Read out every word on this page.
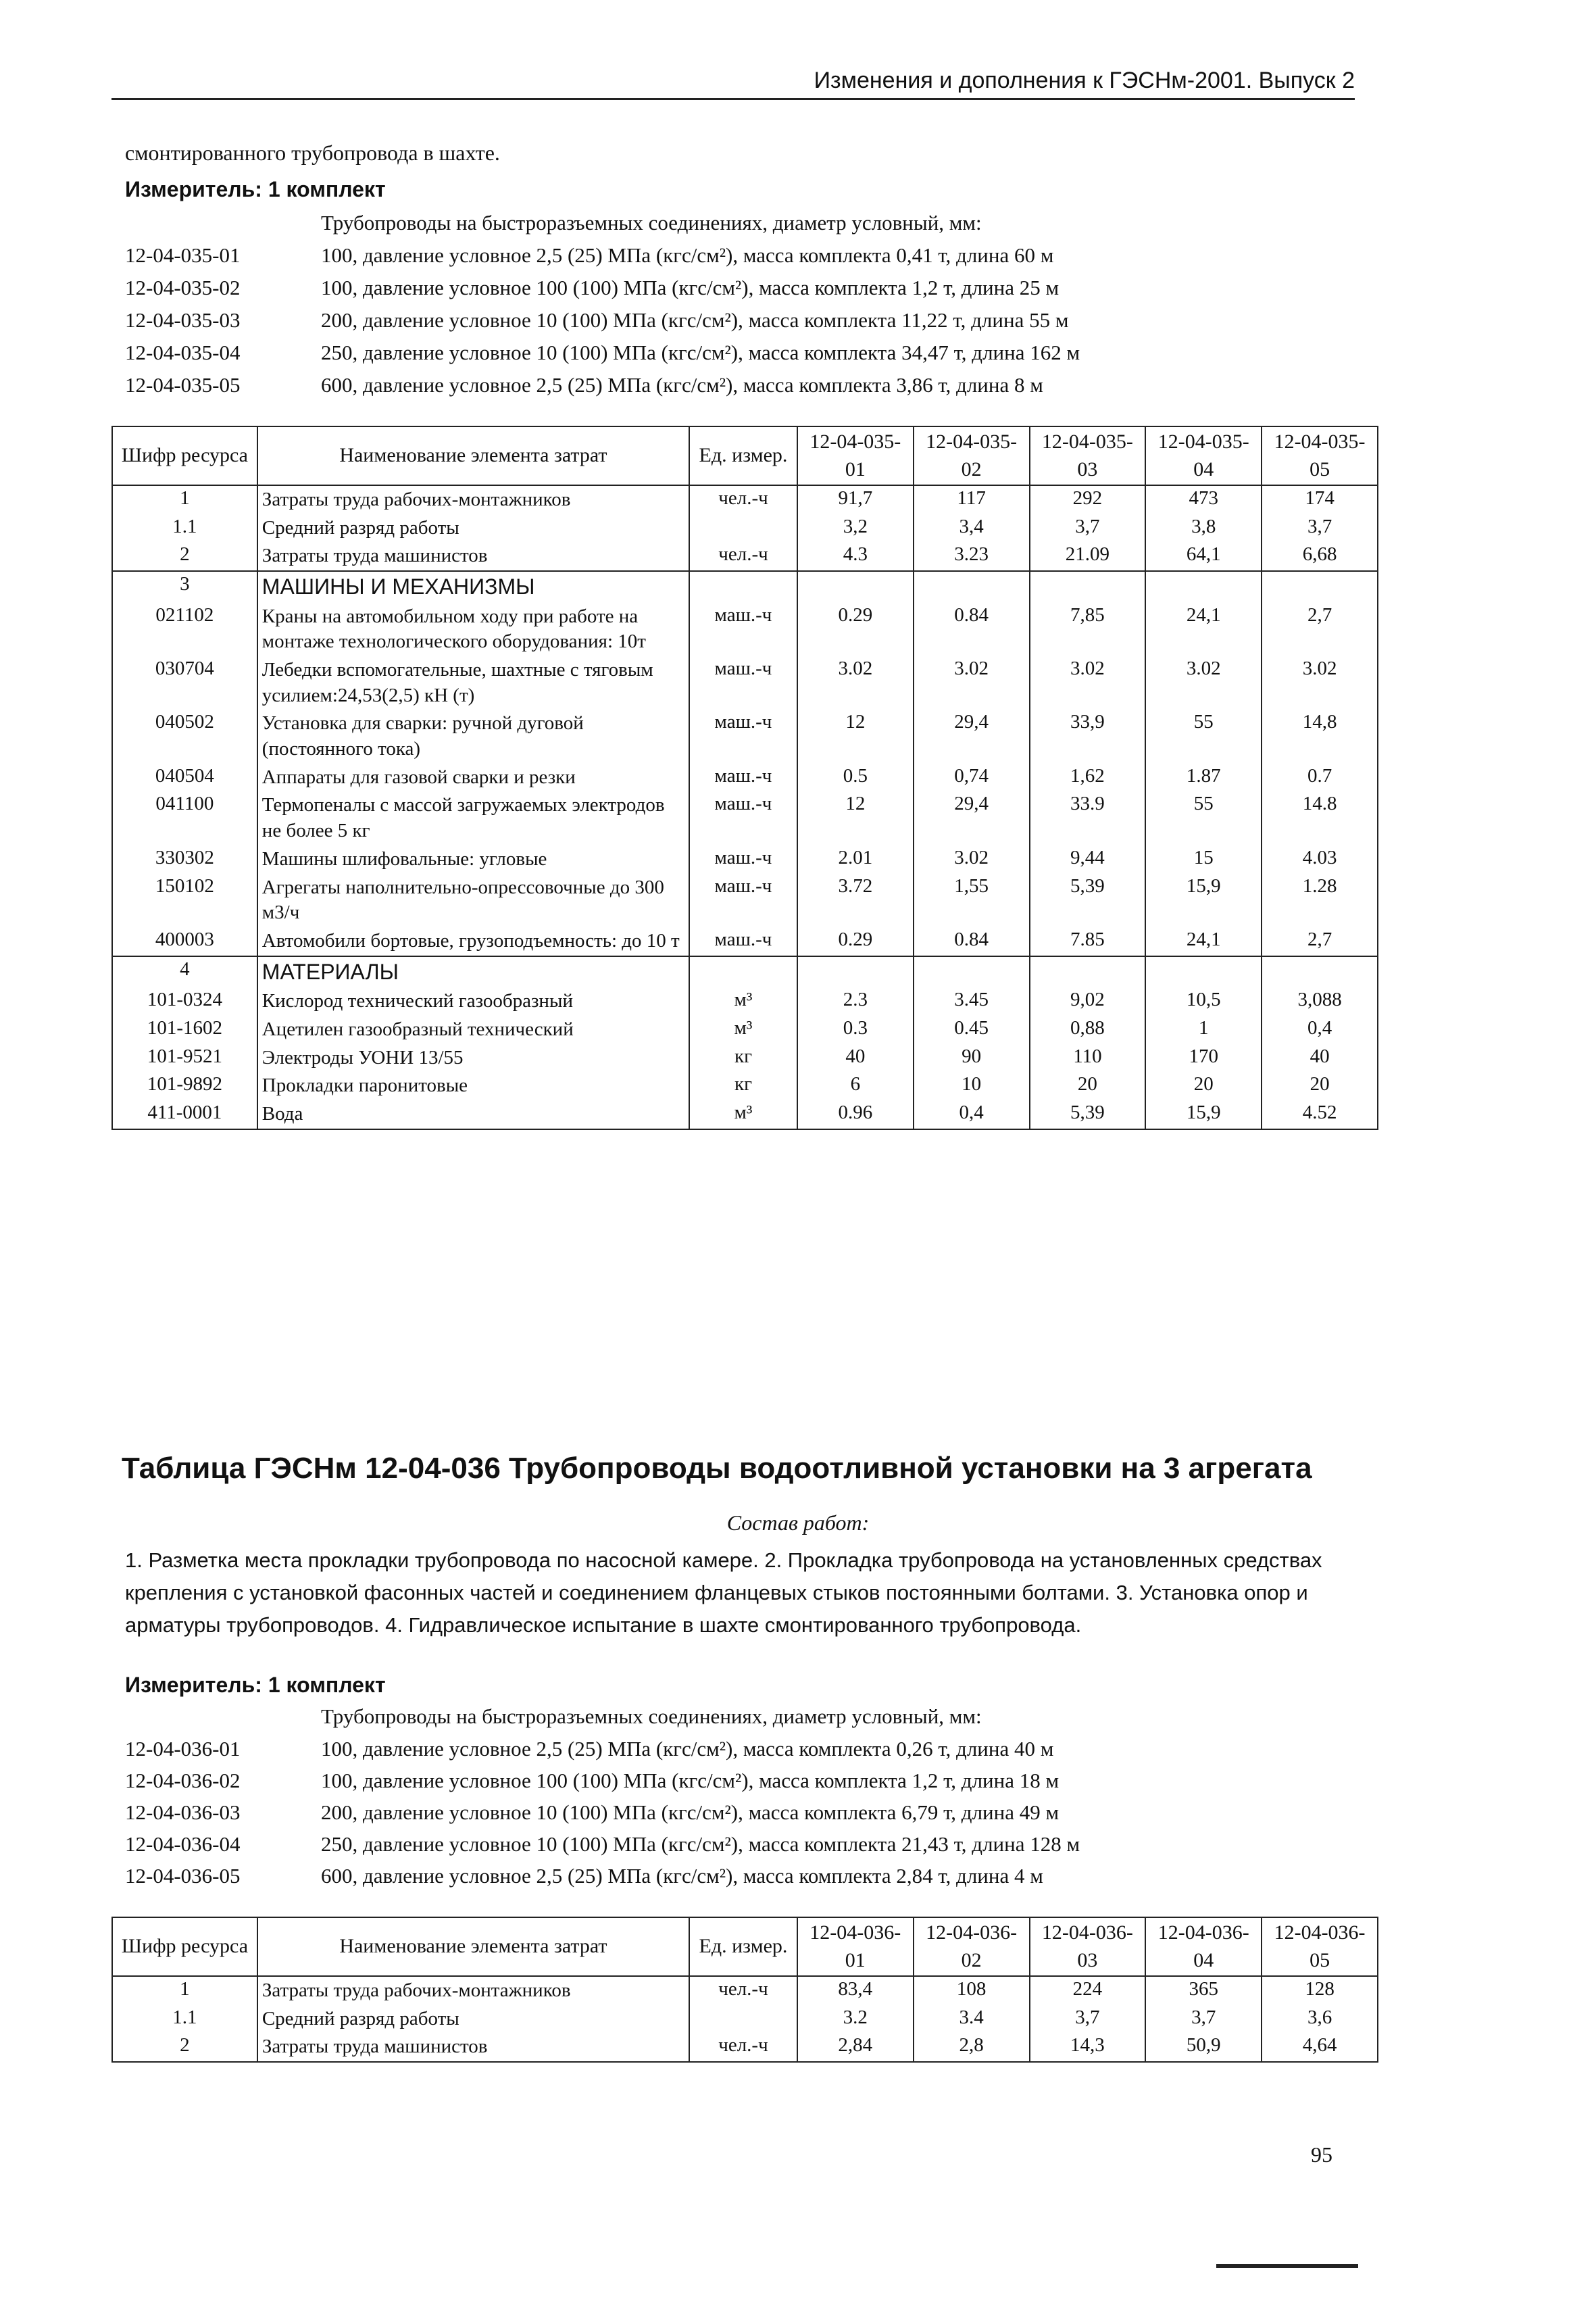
Изменения и дополнения к ГЭСНм-2001. Выпуск 2
смонтированного трубопровода в шахте.
Измеритель: 1 комплект
Трубопроводы на быстроразъемных соединениях, диаметр условный, мм:
12-04-035-01	100, давление условное 2,5 (25) МПа (кгс/см²), масса комплекта 0,41 т, длина 60 м
12-04-035-02	100, давление условное 100 (100) МПа (кгс/см²), масса комплекта 1,2 т, длина 25 м
12-04-035-03	200, давление условное 10 (100) МПа (кгс/см²), масса комплекта 11,22 т, длина 55 м
12-04-035-04	250, давление условное 10 (100) МПа (кгс/см²), масса комплекта 34,47 т, длина 162 м
12-04-035-05	600, давление условное 2,5 (25) МПа (кгс/см²), масса комплекта 3,86 т, длина 8 м
Шифр ресурса	Наименование элемента затрат	Ед. измер.	12-04-035-01	12-04-035-02	12-04-035-03	12-04-035-04	12-04-035-05
1	Затраты труда рабочих-монтажников	чел.-ч	91,7	117	292	473	174
1.1	Средний разряд работы		3,2	3,4	3,7	3,8	3,7
2	Затраты труда машинистов	чел.-ч	4.3	3.23	21.09	64,1	6,68
3	МАШИНЫ И МЕХАНИЗМЫ						
021102	Краны на автомобильном ходу при работе на монтаже технологического оборудования: 10т	маш.-ч	0.29	0.84	7,85	24,1	2,7
030704	Лебедки вспомогательные, шахтные с тяговым усилием:24,53(2,5) кН (т)	маш.-ч	3.02	3.02	3.02	3.02	3.02
040502	Установка для сварки: ручной дуговой (постоянного тока)	маш.-ч	12	29,4	33,9	55	14,8
040504	Аппараты для газовой сварки и резки	маш.-ч	0.5	0,74	1,62	1.87	0.7
041100	Термопеналы с массой загружаемых электродов не более 5 кг	маш.-ч	12	29,4	33.9	55	14.8
330302	Машины шлифовальные: угловые	маш.-ч	2.01	3.02	9,44	15	4.03
150102	Агрегаты наполнительно-опрессовочные до 300 м3/ч	маш.-ч	3.72	1,55	5,39	15,9	1.28
400003	Автомобили бортовые, грузоподъемность: до 10 т	маш.-ч	0.29	0.84	7.85	24,1	2,7
4	МАТЕРИАЛЫ						
101-0324	Кислород технический газообразный	м³	2.3	3.45	9,02	10,5	3,088
101-1602	Ацетилен газообразный технический	м³	0.3	0.45	0,88	1	0,4
101-9521	Электроды УОНИ 13/55	кг	40	90	110	170	40
101-9892	Прокладки паронитовые	кг	6	10	20	20	20
411-0001	Вода	м³	0.96	0,4	5,39	15,9	4.52
Таблица ГЭСНм 12-04-036 Трубопроводы водоотливной установки на 3 агрегата
Состав работ:
1. Разметка места прокладки трубопровода по насосной камере. 2. Прокладка трубопровода на установленных средствах крепления с установкой фасонных частей и соединением фланцевых стыков постоянными болтами. 3. Установка опор и арматуры трубопроводов. 4. Гидравлическое испытание в шахте смонтированного трубопровода.
Измеритель: 1 комплект
Трубопроводы на быстроразъемных соединениях, диаметр условный, мм:
12-04-036-01	100, давление условное 2,5 (25) МПа (кгс/см²), масса комплекта 0,26 т, длина 40 м
12-04-036-02	100, давление условное 100 (100) МПа (кгс/см²), масса комплекта 1,2 т, длина 18 м
12-04-036-03	200, давление условное 10 (100) МПа (кгс/см²), масса комплекта 6,79 т, длина 49 м
12-04-036-04	250, давление условное 10 (100) МПа (кгс/см²), масса комплекта 21,43 т, длина 128 м
12-04-036-05	600, давление условное 2,5 (25) МПа (кгс/см²), масса комплекта 2,84 т, длина 4 м
Шифр ресурса	Наименование элемента затрат	Ед. измер.	12-04-036-01	12-04-036-02	12-04-036-03	12-04-036-04	12-04-036-05
1	Затраты труда рабочих-монтажников	чел.-ч	83,4	108	224	365	128
1.1	Средний разряд работы		3.2	3.4	3,7	3,7	3,6
2	Затраты труда машинистов	чел.-ч	2,84	2,8	14,3	50,9	4,64
95
